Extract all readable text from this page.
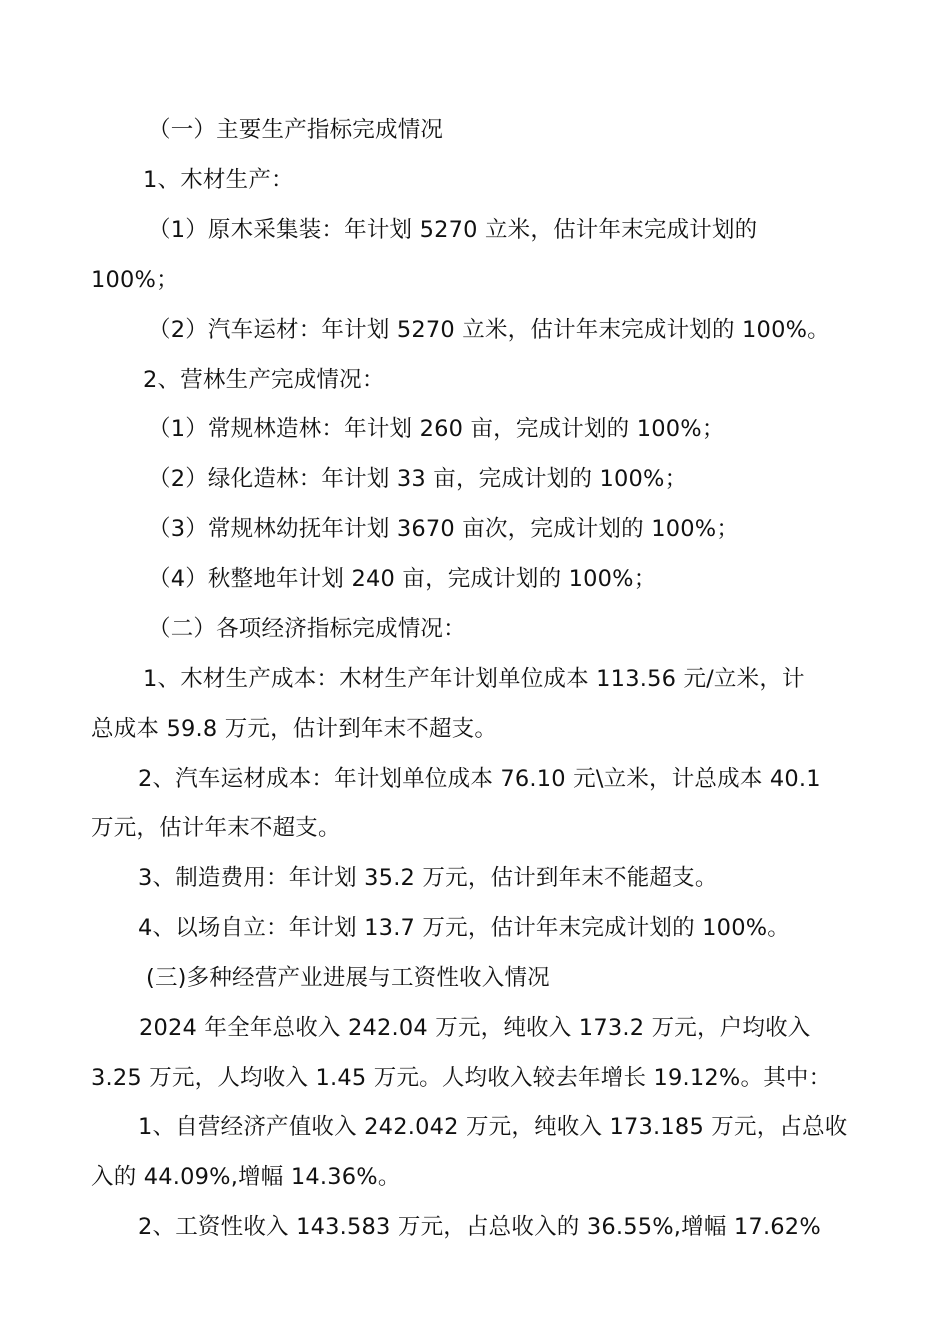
（一）主要生产指标完成情况
1、木材生产：
（1）原木采集装：年计划 5270 立米，估计年末完成计划的
100%；
（2）汽车运材：年计划 5270 立米，估计年末完成计划的 100%。
2、营林生产完成情况：
（1）常规林造林：年计划 260 亩，完成计划的 100%；
（2）绿化造林：年计划 33 亩，完成计划的 100%；
（3）常规林幼抚年计划 3670 亩次，完成计划的 100%；
（4）秋整地年计划 240 亩，完成计划的 100%；
（二）各项经济指标完成情况：
1、木材生产成本：木材生产年计划单位成本 113.56 元/立米，计
总成本 59.8 万元，估计到年末不超支。
2、汽车运材成本：年计划单位成本 76.10 元\立米，计总成本 40.1
万元，估计年末不超支。
3、制造费用：年计划 35.2 万元，估计到年末不能超支。
4、以场自立：年计划 13.7 万元，估计年末完成计划的 100%。
(三)多种经营产业进展与工资性收入情况
2024 年全年总收入 242.04 万元，纯收入 173.2 万元，户均收入
3.25 万元，人均收入 1.45 万元。人均收入较去年增长 19.12%。其中：
1、自营经济产值收入 242.042 万元，纯收入 173.185 万元，占总收
入的 44.09%,增幅 14.36%。
2、工资性收入 143.583 万元，占总收入的 36.55%,增幅 17.62%
